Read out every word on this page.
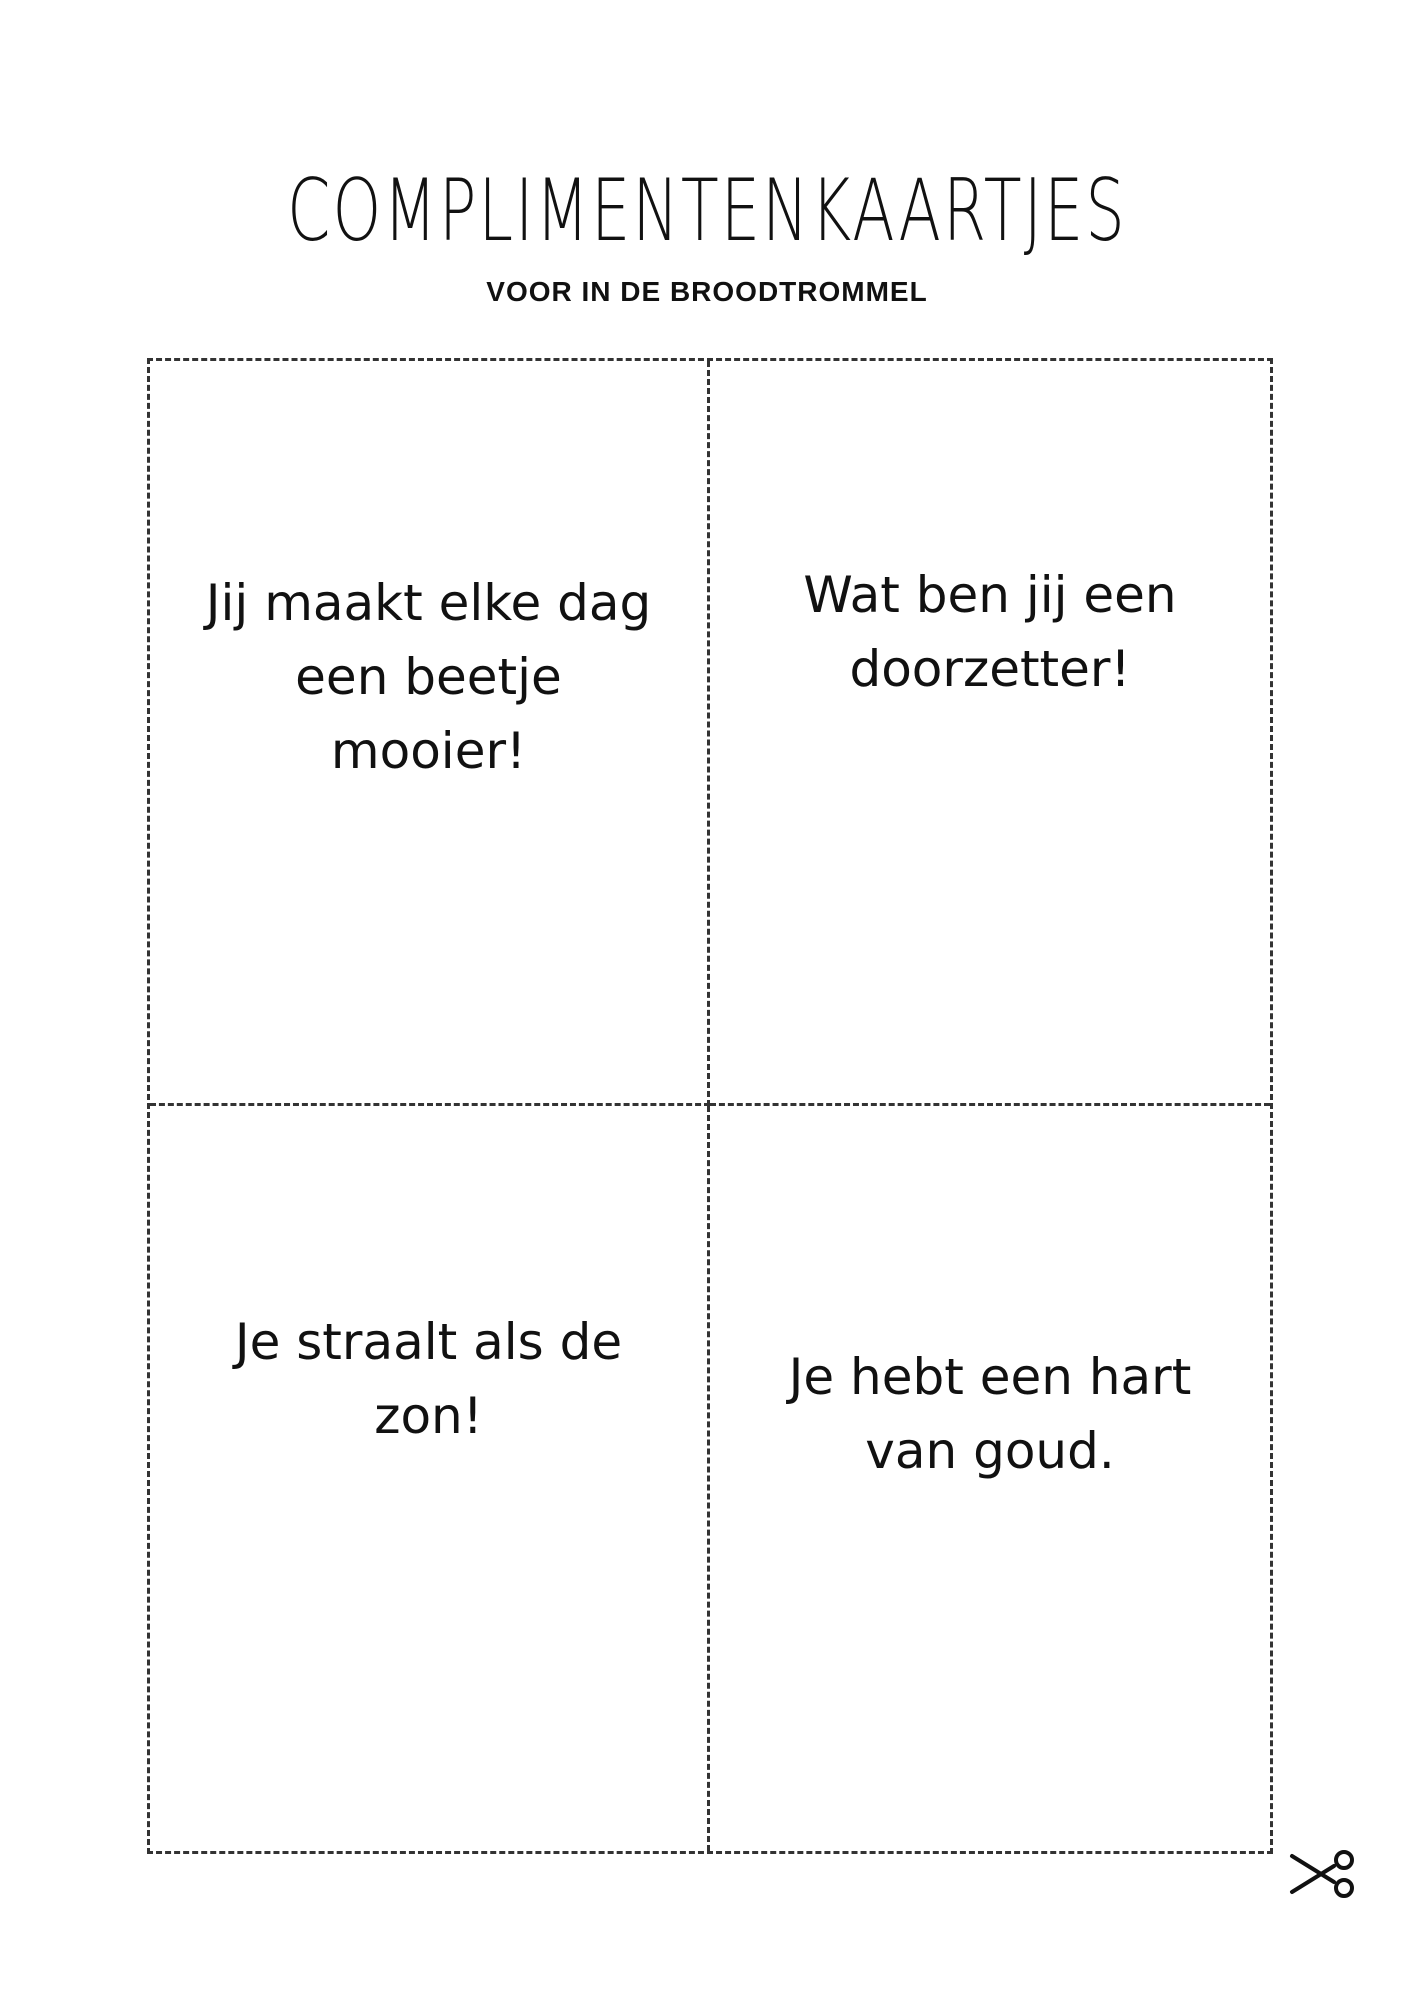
COMPLIMENTENKAARTJES

VOOR IN DE BROODTROMMEL

Jij maakt elke dag een beetje mooier!
Wat ben jij een doorzetter!
Je straalt als de zon!
Je hebt een hart van goud.
